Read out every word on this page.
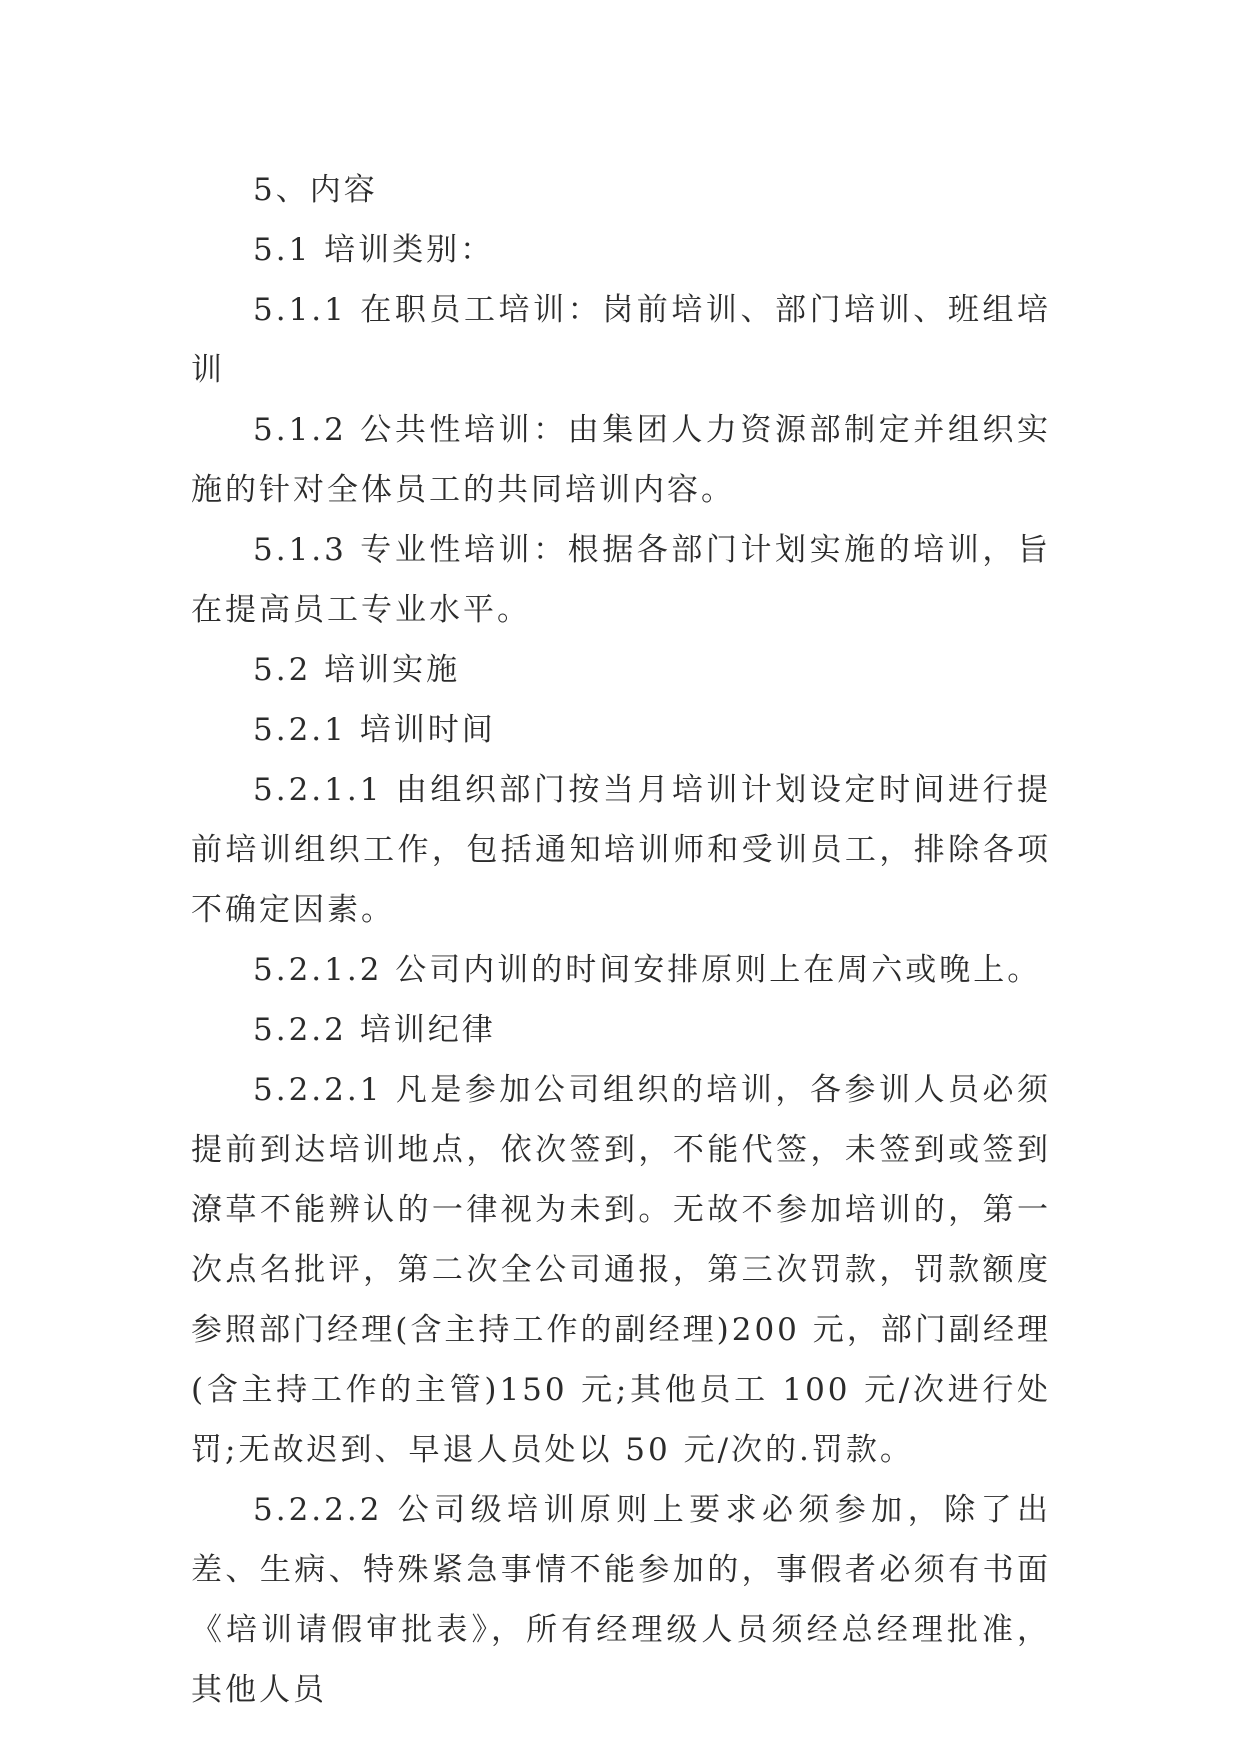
5、内容

5.1 培训类别：

5.1.1 在职员工培训：岗前培训、部门培训、班组培训

5.1.2 公共性培训：由集团人力资源部制定并组织实施的针对全体员工的共同培训内容。

5.1.3 专业性培训：根据各部门计划实施的培训，旨在提高员工专业水平。

5.2 培训实施

5.2.1 培训时间

5.2.1.1 由组织部门按当月培训计划设定时间进行提前培训组织工作，包括通知培训师和受训员工，排除各项不确定因素。

5.2.1.2 公司内训的时间安排原则上在周六或晚上。

5.2.2 培训纪律

5.2.2.1 凡是参加公司组织的培训，各参训人员必须提前到达培训地点，依次签到，不能代签，未签到或签到潦草不能辨认的一律视为未到。无故不参加培训的，第一次点名批评，第二次全公司通报，第三次罚款，罚款额度参照部门经理(含主持工作的副经理)200 元，部门副经理(含主持工作的主管)150 元;其他员工 100 元/次进行处罚;无故迟到、早退人员处以 50 元/次的.罚款。

5.2.2.2 公司级培训原则上要求必须参加，除了出差、生病、特殊紧急事情不能参加的，事假者必须有书面《培训请假审批表》，所有经理级人员须经总经理批准，其他人员
